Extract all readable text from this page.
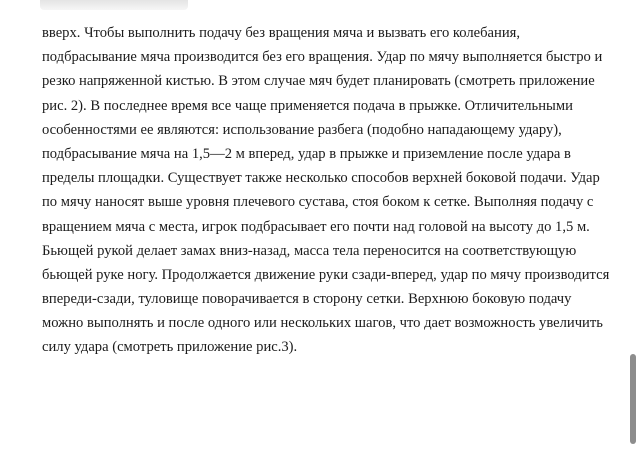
вверх. Чтобы выполнить подачу без вращения мяча и вызвать его колебания,
подбрасывание мяча производится без его вращения. Удар по мячу выполняется быстро и
резко напряженной кистью. В этом случае мяч будет планировать (смотреть приложение
рис. 2). В последнее время все чаще применяется подача в прыжке. Отличительными
особенностями ее являются: использование разбега (подобно нападающему удару),
подбрасывание мяча на 1,5—2 м вперед, удар в прыжке и приземление после удара в
пределы площадки. Существует также несколько способов верхней боковой подачи. Удар
по мячу наносят выше уровня плечевого сустава, стоя боком к сетке. Выполняя подачу с
вращением мяча с места, игрок подбрасывает его почти над головой на высоту до 1,5 м.
Бьющей рукой делает замах вниз-назад, масса тела переносится на соответствующую
бьющей руке ногу. Продолжается движение руки сзади-вперед, удар по мячу производится
впереди-сзади, туловище поворачивается в сторону сетки. Верхнюю боковую подачу
можно выполнять и после одного или нескольких шагов, что дает возможность увеличить
силу удара (смотреть приложение рис.3).
